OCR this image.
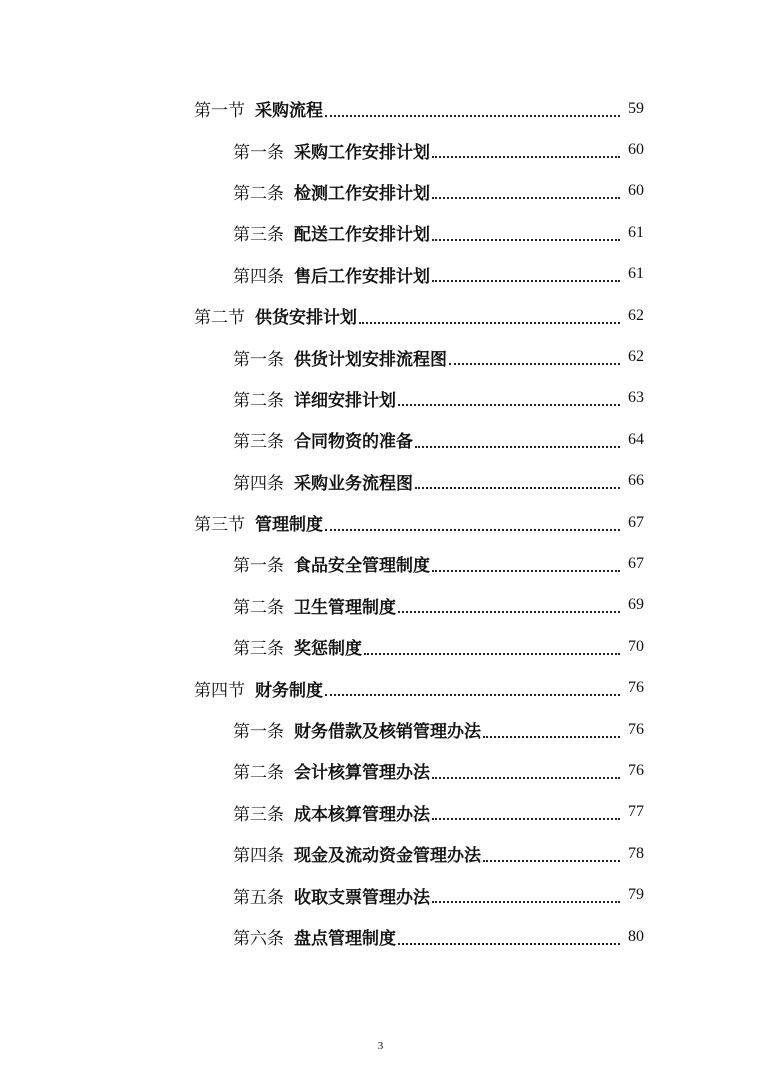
第一节 采购流程	59
第一条 采购工作安排计划	60
第二条 检测工作安排计划	60
第三条 配送工作安排计划	61
第四条 售后工作安排计划	61
第二节 供货安排计划	62
第一条 供货计划安排流程图	62
第二条 详细安排计划	63
第三条 合同物资的准备	64
第四条 采购业务流程图	66
第三节 管理制度	67
第一条 食品安全管理制度	67
第二条 卫生管理制度	69
第三条 奖惩制度	70
第四节 财务制度	76
第一条 财务借款及核销管理办法	76
第二条 会计核算管理办法	76
第三条 成本核算管理办法	77
第四条 现金及流动资金管理办法	78
第五条 收取支票管理办法	79
第六条 盘点管理制度	80
3
